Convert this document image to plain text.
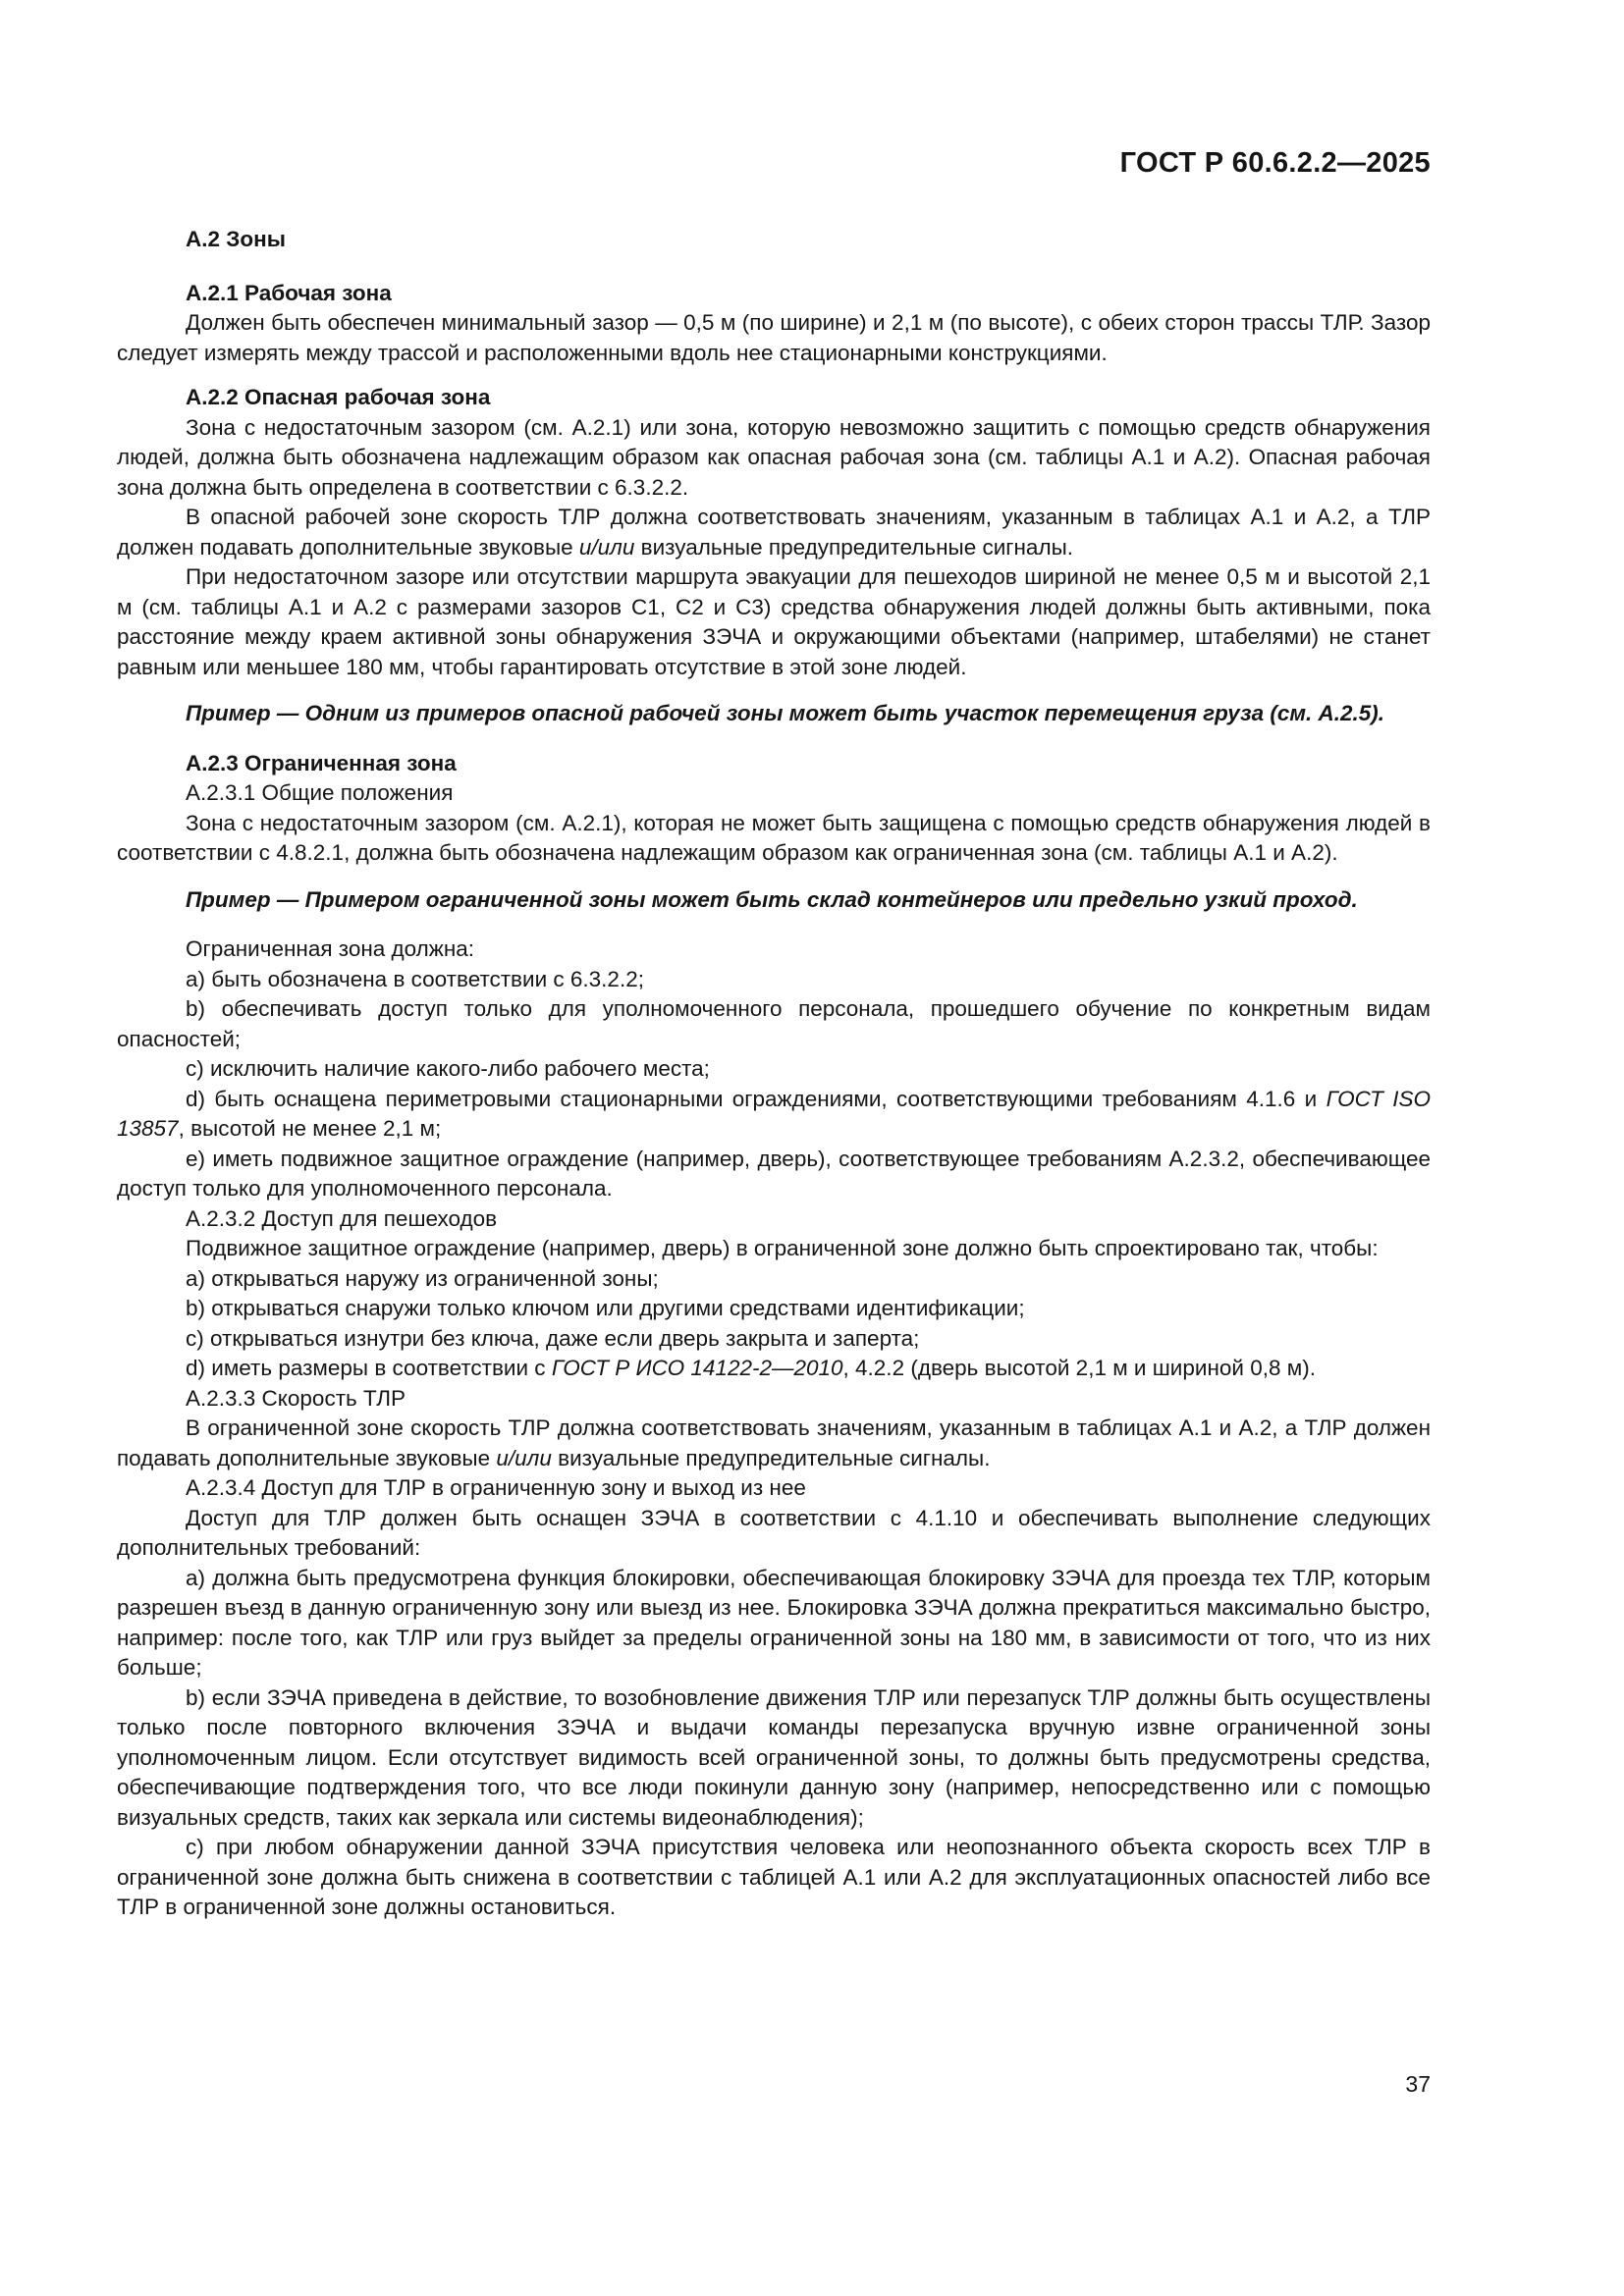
ГОСТ Р 60.6.2.2—2025
А.2 Зоны
А.2.1 Рабочая зона
Должен быть обеспечен минимальный зазор — 0,5 м (по ширине) и 2,1 м (по высоте), с обеих сторон трассы ТЛР. Зазор следует измерять между трассой и расположенными вдоль нее стационарными конструкциями.
А.2.2 Опасная рабочая зона
Зона с недостаточным зазором (см. А.2.1) или зона, которую невозможно защитить с помощью средств обнаружения людей, должна быть обозначена надлежащим образом как опасная рабочая зона (см. таблицы А.1 и А.2). Опасная рабочая зона должна быть определена в соответствии с 6.3.2.2.
В опасной рабочей зоне скорость ТЛР должна соответствовать значениям, указанным в таблицах А.1 и А.2, а ТЛР должен подавать дополнительные звуковые и/или визуальные предупредительные сигналы.
При недостаточном зазоре или отсутствии маршрута эвакуации для пешеходов шириной не менее 0,5 м и высотой 2,1 м (см. таблицы А.1 и А.2 с размерами зазоров C1, C2 и C3) средства обнаружения людей должны быть активными, пока расстояние между краем активной зоны обнаружения ЗЭЧА и окружающими объектами (например, штабелями) не станет равным или меньшее 180 мм, чтобы гарантировать отсутствие в этой зоне людей.
Пример — Одним из примеров опасной рабочей зоны может быть участок перемещения груза (см. А.2.5).
А.2.3 Ограниченная зона
А.2.3.1 Общие положения
Зона с недостаточным зазором (см. А.2.1), которая не может быть защищена с помощью средств обнаружения людей в соответствии с 4.8.2.1, должна быть обозначена надлежащим образом как ограниченная зона (см. таблицы А.1 и А.2).
Пример — Примером ограниченной зоны может быть склад контейнеров или предельно узкий проход.
Ограниченная зона должна:
a) быть обозначена в соответствии с 6.3.2.2;
b) обеспечивать доступ только для уполномоченного персонала, прошедшего обучение по конкретным видам опасностей;
c) исключить наличие какого-либо рабочего места;
d) быть оснащена периметровыми стационарными ограждениями, соответствующими требованиям 4.1.6 и ГОСТ ISO 13857, высотой не менее 2,1 м;
e) иметь подвижное защитное ограждение (например, дверь), соответствующее требованиям А.2.3.2, обеспечивающее доступ только для уполномоченного персонала.
А.2.3.2 Доступ для пешеходов
Подвижное защитное ограждение (например, дверь) в ограниченной зоне должно быть спроектировано так, чтобы:
a) открываться наружу из ограниченной зоны;
b) открываться снаружи только ключом или другими средствами идентификации;
c) открываться изнутри без ключа, даже если дверь закрыта и заперта;
d) иметь размеры в соответствии с ГОСТ Р ИСО 14122-2—2010, 4.2.2 (дверь высотой 2,1 м и шириной 0,8 м).
А.2.3.3 Скорость ТЛР
В ограниченной зоне скорость ТЛР должна соответствовать значениям, указанным в таблицах А.1 и А.2, а ТЛР должен подавать дополнительные звуковые и/или визуальные предупредительные сигналы.
А.2.3.4 Доступ для ТЛР в ограниченную зону и выход из нее
Доступ для ТЛР должен быть оснащен ЗЭЧА в соответствии с 4.1.10 и обеспечивать выполнение следующих дополнительных требований:
a) должна быть предусмотрена функция блокировки, обеспечивающая блокировку ЗЭЧА для проезда тех ТЛР, которым разрешен въезд в данную ограниченную зону или выезд из нее. Блокировка ЗЭЧА должна прекратиться максимально быстро, например: после того, как ТЛР или груз выйдет за пределы ограниченной зоны на 180 мм, в зависимости от того, что из них больше;
b) если ЗЭЧА приведена в действие, то возобновление движения ТЛР или перезапуск ТЛР должны быть осуществлены только после повторного включения ЗЭЧА и выдачи команды перезапуска вручную извне ограниченной зоны уполномоченным лицом. Если отсутствует видимость всей ограниченной зоны, то должны быть предусмотрены средства, обеспечивающие подтверждения того, что все люди покинули данную зону (например, непосредственно или с помощью визуальных средств, таких как зеркала или системы видеонаблюдения);
c) при любом обнаружении данной ЗЭЧА присутствия человека или неопознанного объекта скорость всех ТЛР в ограниченной зоне должна быть снижена в соответствии с таблицей А.1 или А.2 для эксплуатационных опасностей либо все ТЛР в ограниченной зоне должны остановиться.
37
